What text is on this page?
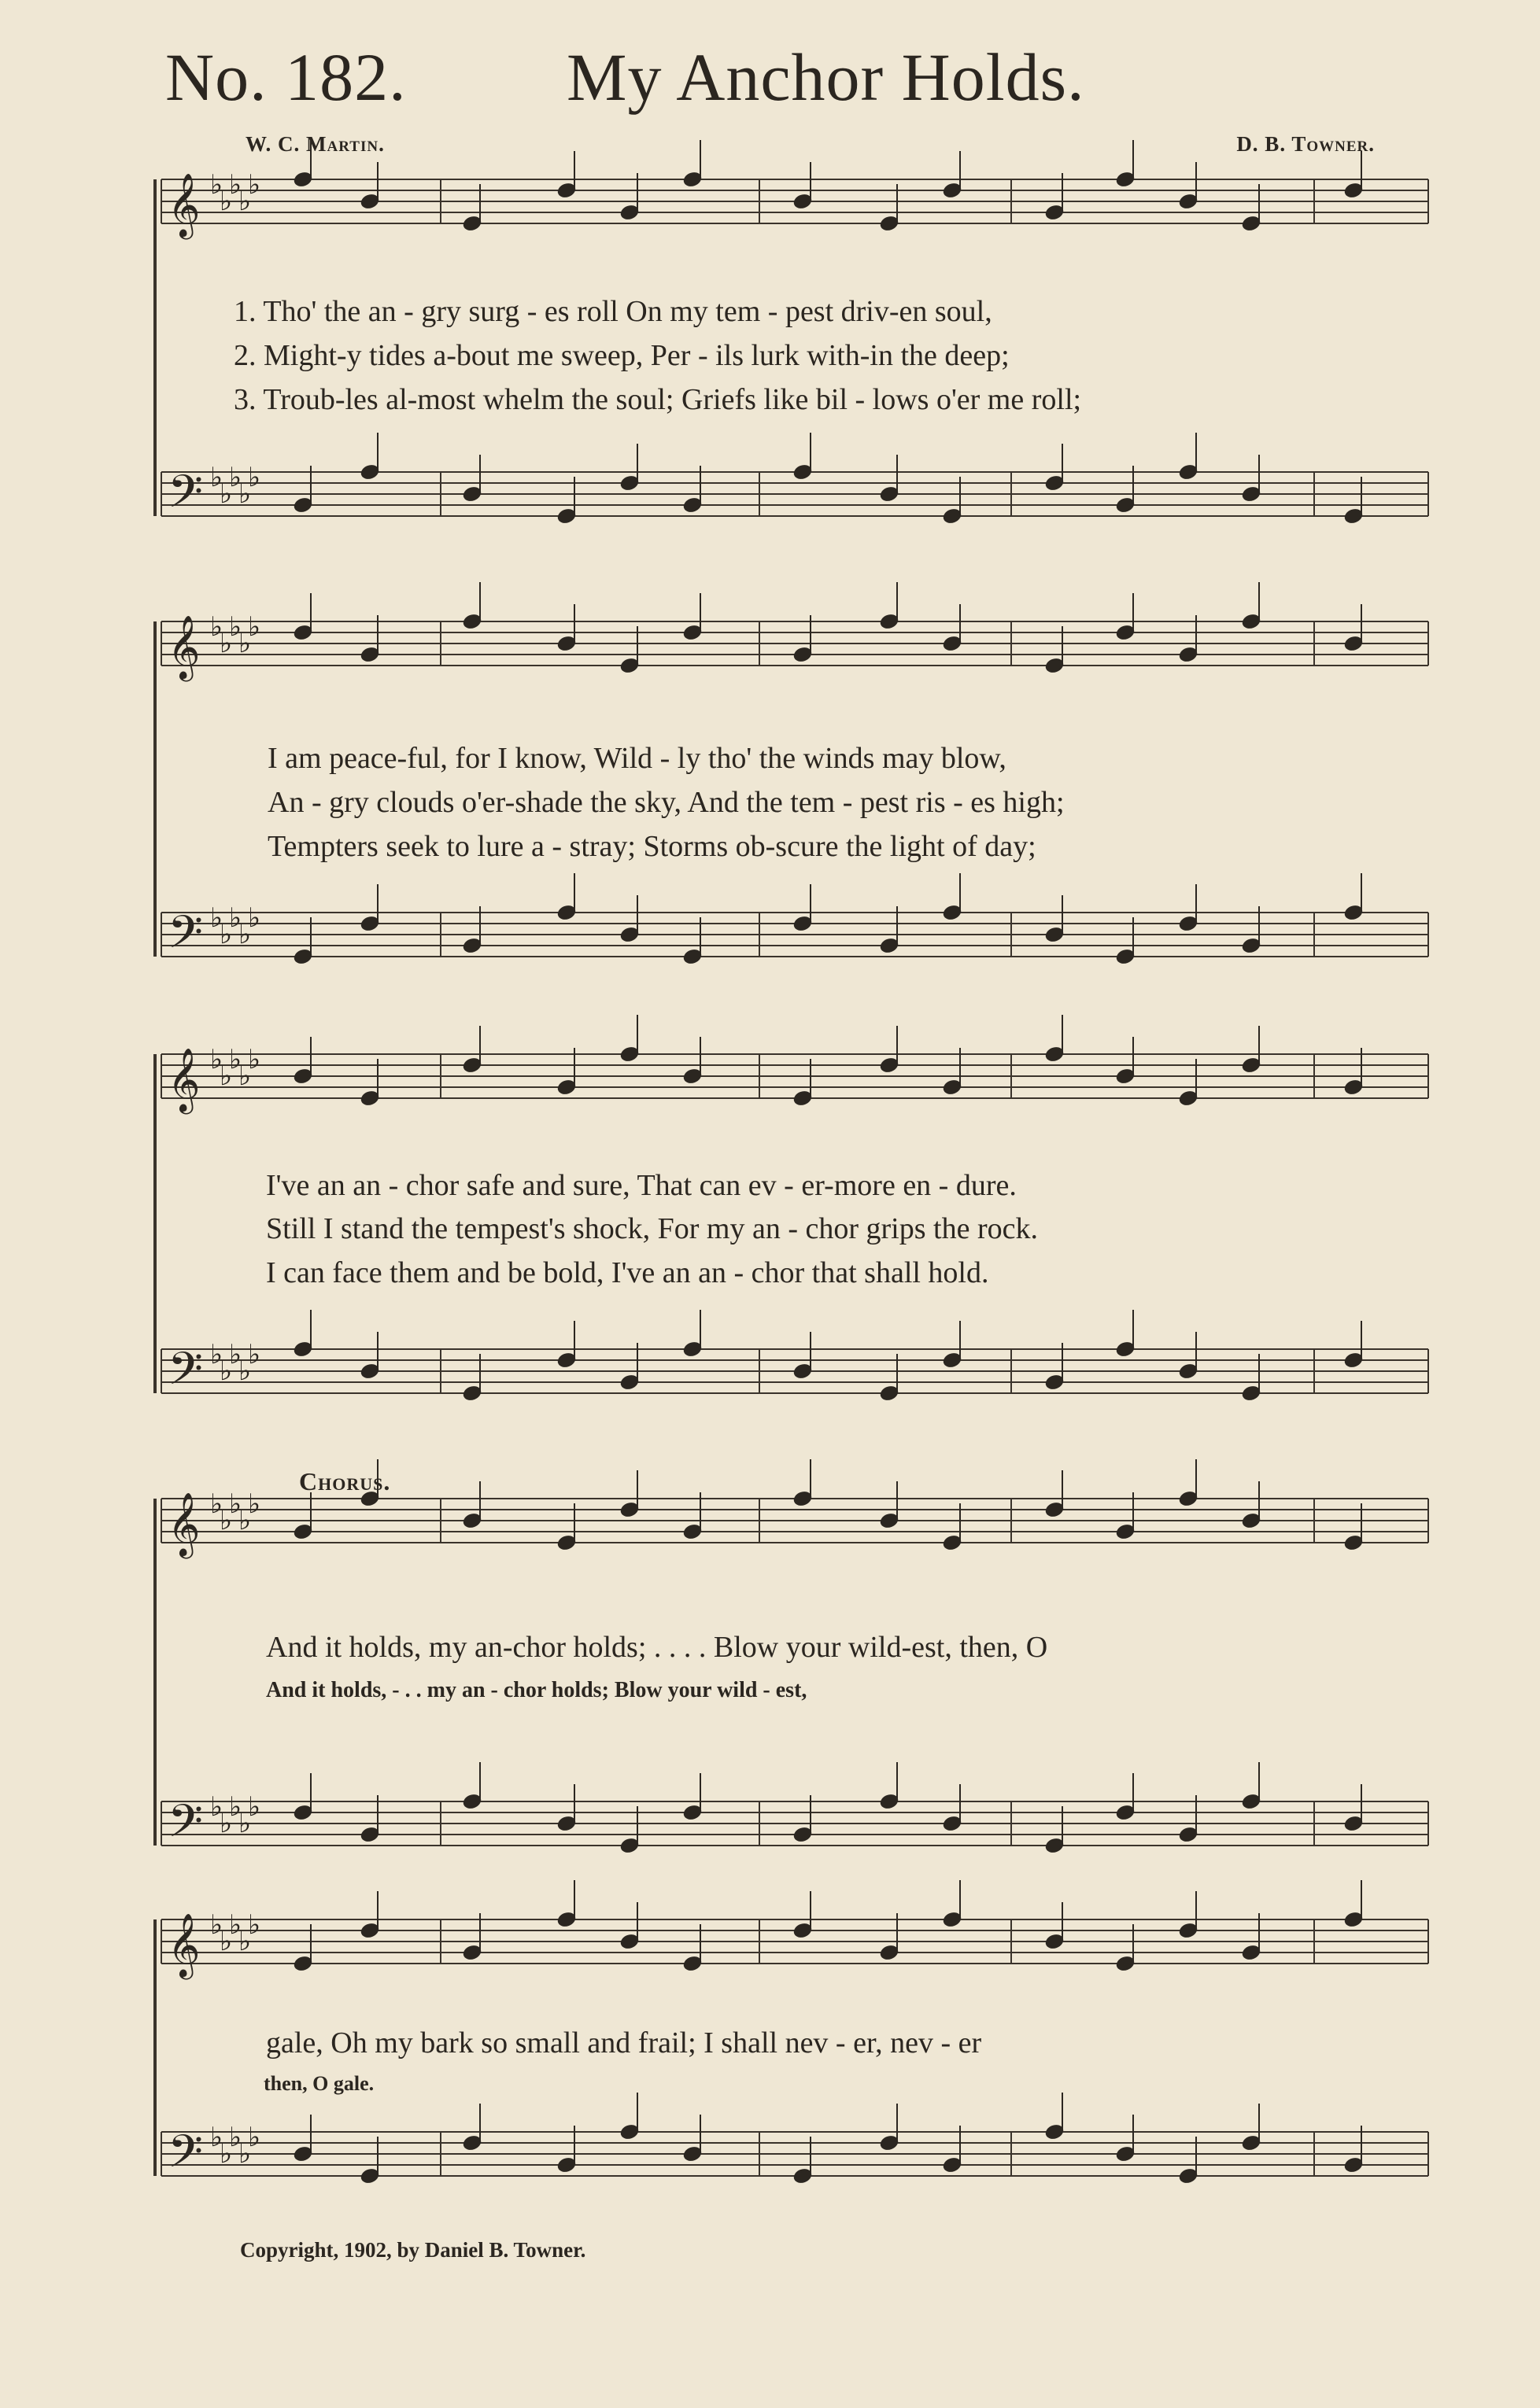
No. 182. My Anchor Holds.
W. C. Martin.	D. B. Towner.
𝄞 ♭
♭
♭
♭
♭
𝄢 ♭
♭
♭
♭
♭
𝄞 ♭
♭
♭
♭
♭
𝄢 ♭
♭
♭
♭
♭
𝄞 ♭
♭
♭
♭
♭
𝄢 ♭
♭
♭
♭
♭
𝄞 ♭
♭
♭
♭
♭
𝄢 ♭
♭
♭
♭
♭
𝄞 ♭
♭
♭
♭
♭
𝄢 ♭
♭
♭
♭
♭
1. Tho' the an - gry surg - es roll On my tem - pest driv-en soul,
2. Might-y tides a-bout me sweep, Per - ils lurk with-in the deep;
3. Troub-les al-most whelm the soul; Griefs like bil - lows o'er me roll;
I am peace-ful, for I know, Wild - ly tho' the winds may blow,
An - gry clouds o'er-shade the sky, And the tem - pest ris - es high;
Tempters seek to lure a - stray; Storms ob-scure the light of day;
I've an an - chor safe and sure, That can ev - er-more en - dure.
Still I stand the tempest's shock, For my an - chor grips the rock.
I can face them and be bold, I've an an - chor that shall hold.
Chorus.
And it holds, my an-chor holds; . . . . Blow your wild-est, then, O
And it holds, - . . my an - chor holds; Blow your wild - est,
gale, Oh my bark so small and frail; I shall nev - er, nev - er
then, O gale.
Copyright, 1902, by Daniel B. Towner.
